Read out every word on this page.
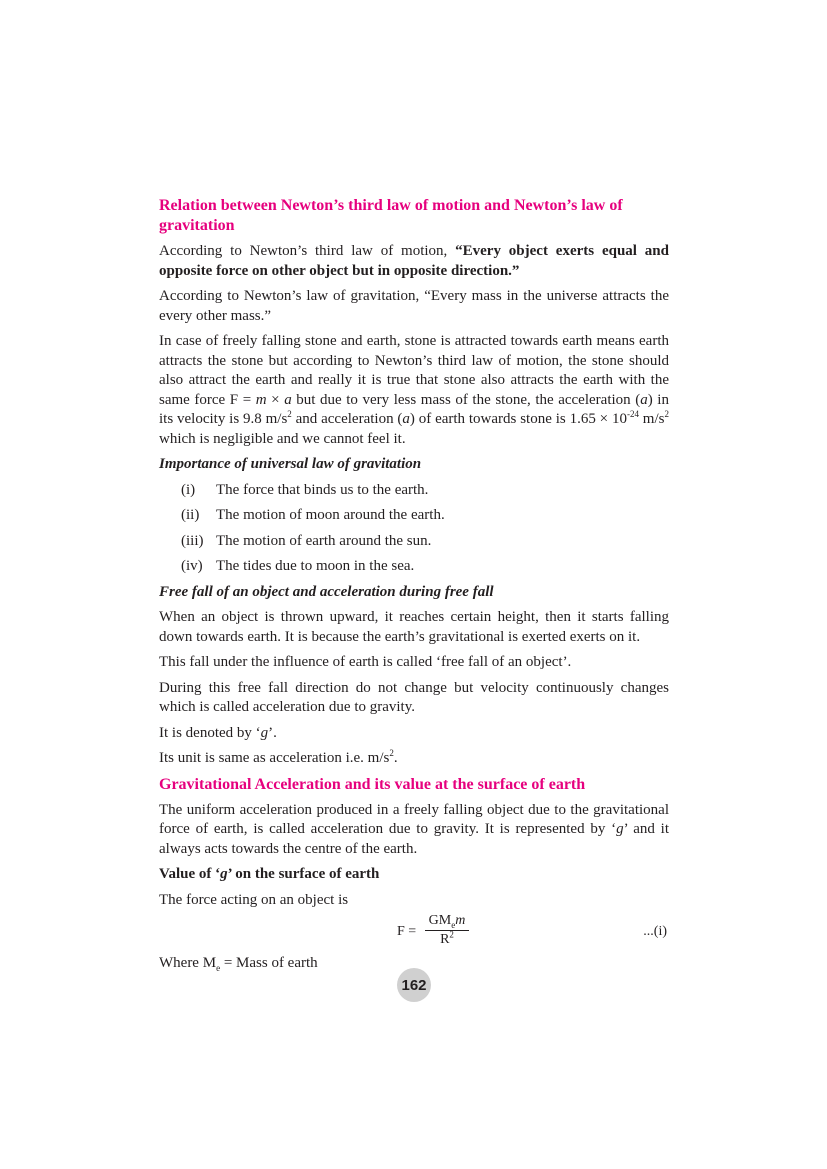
Relation between Newton’s third law of motion and Newton’s law of gravitation

According to Newton’s third law of motion, “Every object exerts equal and opposite force on other object but in opposite direction.”

According to Newton’s law of gravitation, “Every mass in the universe attracts the every other mass.”

In case of freely falling stone and earth, stone is attracted towards earth means earth attracts the stone but according to Newton’s third law of motion, the stone should also attract the earth and really it is true that stone also attracts the earth with the same force F = m × a but due to very less mass of the stone, the acceleration (a) in its velocity is 9.8 $m/s^2$ and acceleration (a) of earth towards stone is $1.65 \times 10^{-24}$ $m/s^2$ which is negligible and we cannot feel it.

Importance of universal law of gravitation
(i)	The force that binds us to the earth.
(ii)	The motion of moon around the earth.
(iii) The motion of earth around the sun.
(iv) The tides due to moon in the sea.
Free fall of an object and acceleration during free fall

When an object is thrown upward, it reaches certain height, then it starts falling down towards earth. It is because the earth’s gravitational is exerted exerts on it.

This fall under the influence of earth is called ‘free fall of an object’.

During this free fall direction do not change but velocity continuously changes which is called acceleration due to gravity.

It is denoted by ‘g’.

Its unit is same as acceleration i.e. $m/s^2$.

Gravitational Acceleration and its value at the surface of earth

The uniform acceleration produced in a freely falling object due to the gravitational force of earth, is called acceleration due to gravity. It is represented by ‘g’ and it always acts towards the centre of the earth.

Value of ‘g’ on the surface of earth

The force acting on an object is

F =
$GM_em$
$R^2$	...(i)

Where $M_e$ = Mass of earth

162
